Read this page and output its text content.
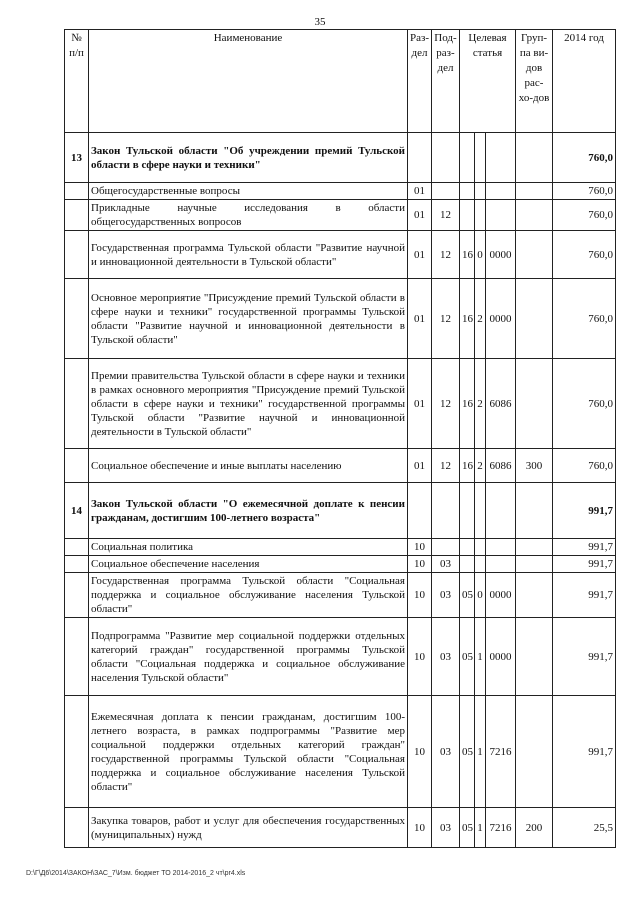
35
№ п/п	Наименование	Раз-дел	Под-раз-дел	Целевая статья			Груп-па ви-дов рас-хо-дов	2014 год
13	Закон Тульской области "Об учреждении премий Тульской области в сфере науки и техники"							760,0
	Общегосударственные вопросы	01						760,0
	Прикладные научные исследования в области общегосударственных вопросов	01	12					760,0
	Государственная программа Тульской области "Развитие научной и инновационной деятельности в Тульской области"	01	12	16	0	0000		760,0
	Основное мероприятие "Присуждение премий Тульской области в сфере науки и техники" государственной программы Тульской области "Развитие научной и инновационной деятельности в Тульской области"	01	12	16	2	0000		760,0
	Премии правительства Тульской области в сфере науки и техники в рамках основного мероприятия "Присуждение премий Тульской области в сфере науки и техники" государственной программы Тульской области "Развитие научной и инновационной деятельности в Тульской области"	01	12	16	2	6086		760,0
	Социальное обеспечение и иные выплаты населению	01	12	16	2	6086	300	760,0
14	Закон Тульской области "О ежемесячной доплате к пенсии гражданам, достигшим 100-летнего возраста"							991,7
	Социальная политика	10						991,7
	Социальное обеспечение населения	10	03					991,7
	Государственная программа Тульской области "Социальная поддержка и социальное обслуживание населения Тульской области"	10	03	05	0	0000		991,7
	Подпрограмма "Развитие мер социальной поддержки отдельных категорий граждан" государственной программы Тульской области "Социальная поддержка и социальное обслуживание населения Тульской области"	10	03	05	1	0000		991,7
	Ежемесячная доплата к пенсии гражданам, достигшим 100-летнего возраста, в рамках подпрограммы "Развитие мер социальной поддержки отдельных категорий граждан" государственной программы Тульской области "Социальная поддержка и социальное обслуживание населения Тульской области"	10	03	05	1	7216		991,7
	Закупка товаров, работ и услуг для обеспечения государственных (муниципальных) нужд	10	03	05	1	7216	200	25,5
D:\Г\Д6\2014\ЗАКОН\ЗАС_7\Изм. бюджет ТО 2014-2016_2 чт\pr4.xls
